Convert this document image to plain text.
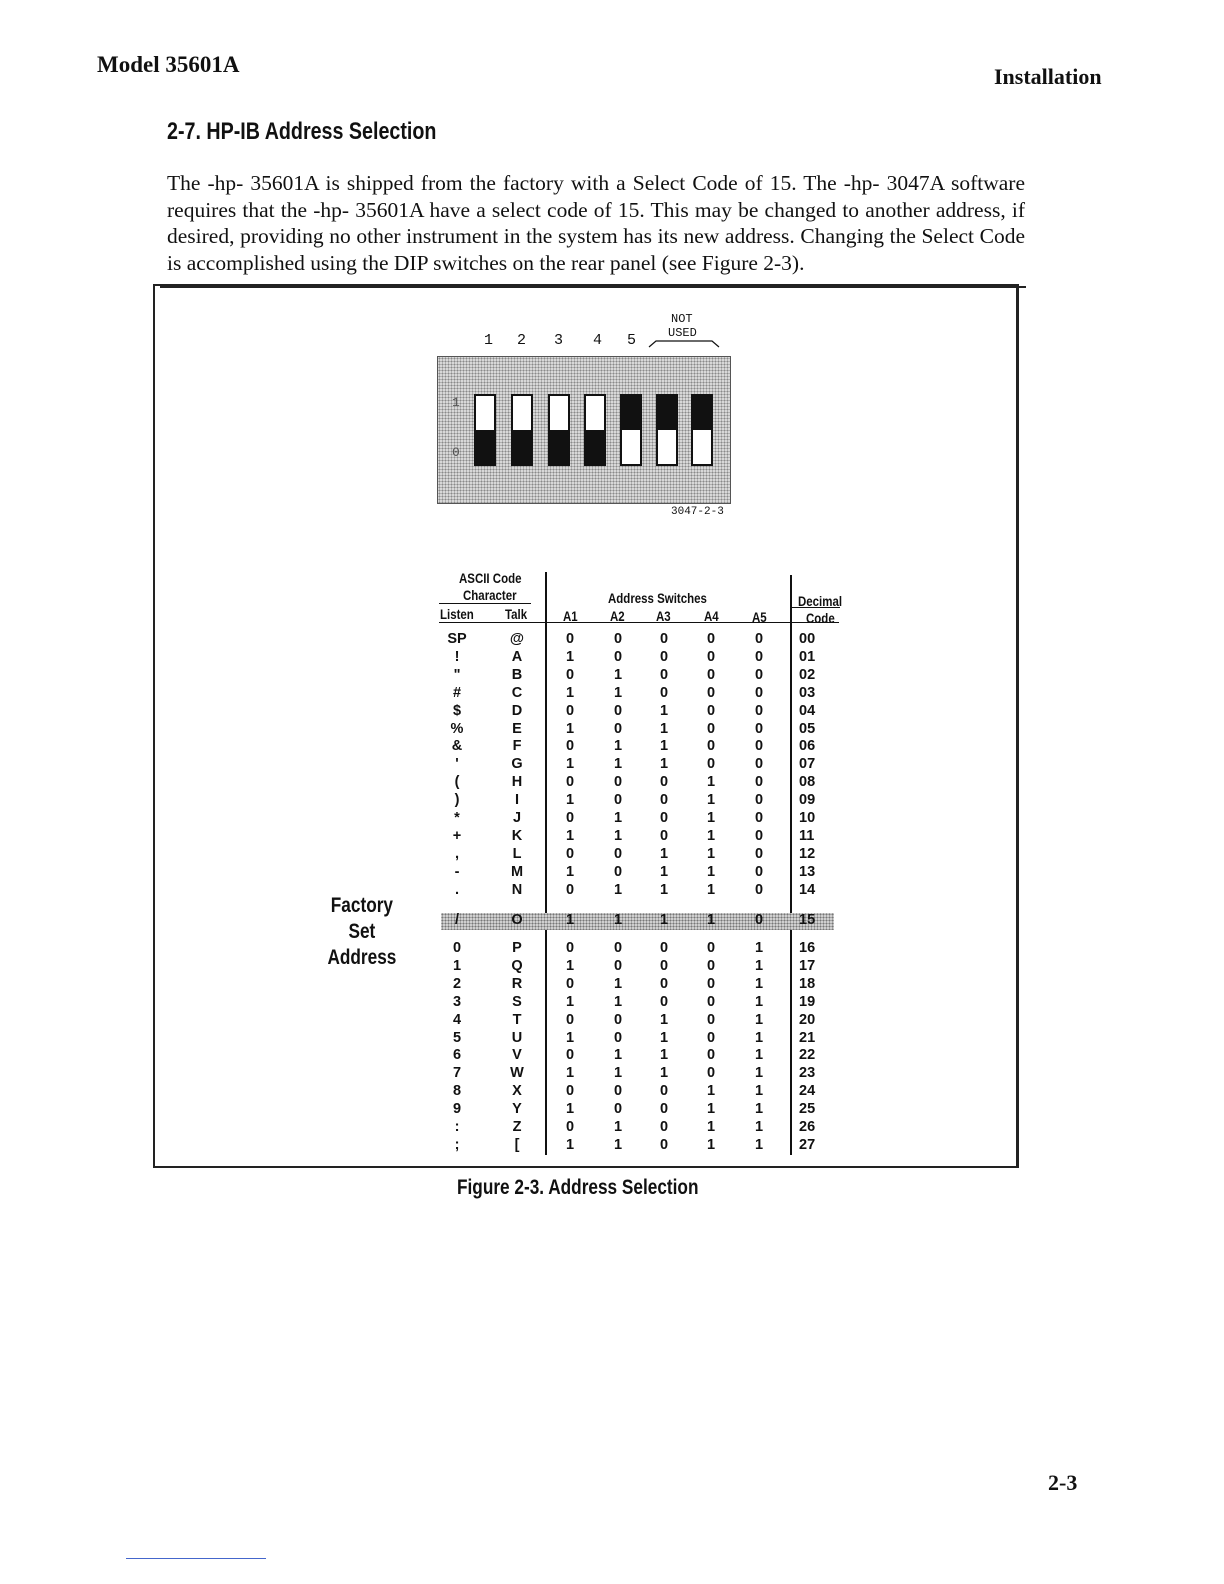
Model 35601A	Installation
2-7. HP-IB Address Selection
The -hp- 35601A is shipped from the factory with a Select Code of 15. The -hp- 3047A software requires that the -hp- 35601A have a select code of 15. This may be changed to another address, if desired, providing no other instrument in the system has its new address. Changing the Select Code is accomplished using the DIP switches on the rear panel (see Figure 2-3).
1 2 3 4 5
NOT
USED
1
0
3047-2-3
ASCII Code
Character	Address Switches	Decimal
Code
Listen Talk	A1 A2 A3 A4 A5
Factory
Set
Address
SP	@	0	0	0	0	0	00
!	A	1	0	0	0	0	01
"	B	0	1	0	0	0	02
#	C	1	1	0	0	0	03
$	D	0	0	1	0	0	04
%	E	1	0	1	0	0	05
&	F	0	1	1	0	0	06
'	G	1	1	1	0	0	07
(	H	0	0	0	1	0	08
)	I	1	0	0	1	0	09
*	J	0	1	0	1	0	10
+	K	1	1	0	1	0	11
,	L	0	0	1	1	0	12
-	M	1	0	1	1	0	13
.	N	0	1	1	1	0	14
/	O	1	1	1	1	0	15
0	P	0	0	0	0	1	16
1	Q	1	0	0	0	1	17
2	R	0	1	0	0	1	18
3	S	1	1	0	0	1	19
4	T	0	0	1	0	1	20
5	U	1	0	1	0	1	21
6	V	0	1	1	0	1	22
7	W	1	1	1	0	1	23
8	X	0	0	0	1	1	24
9	Y	1	0	0	1	1	25
:	Z	0	1	0	1	1	26
;	[	1	1	0	1	1	27
Figure 2-3. Address Selection
2-3
